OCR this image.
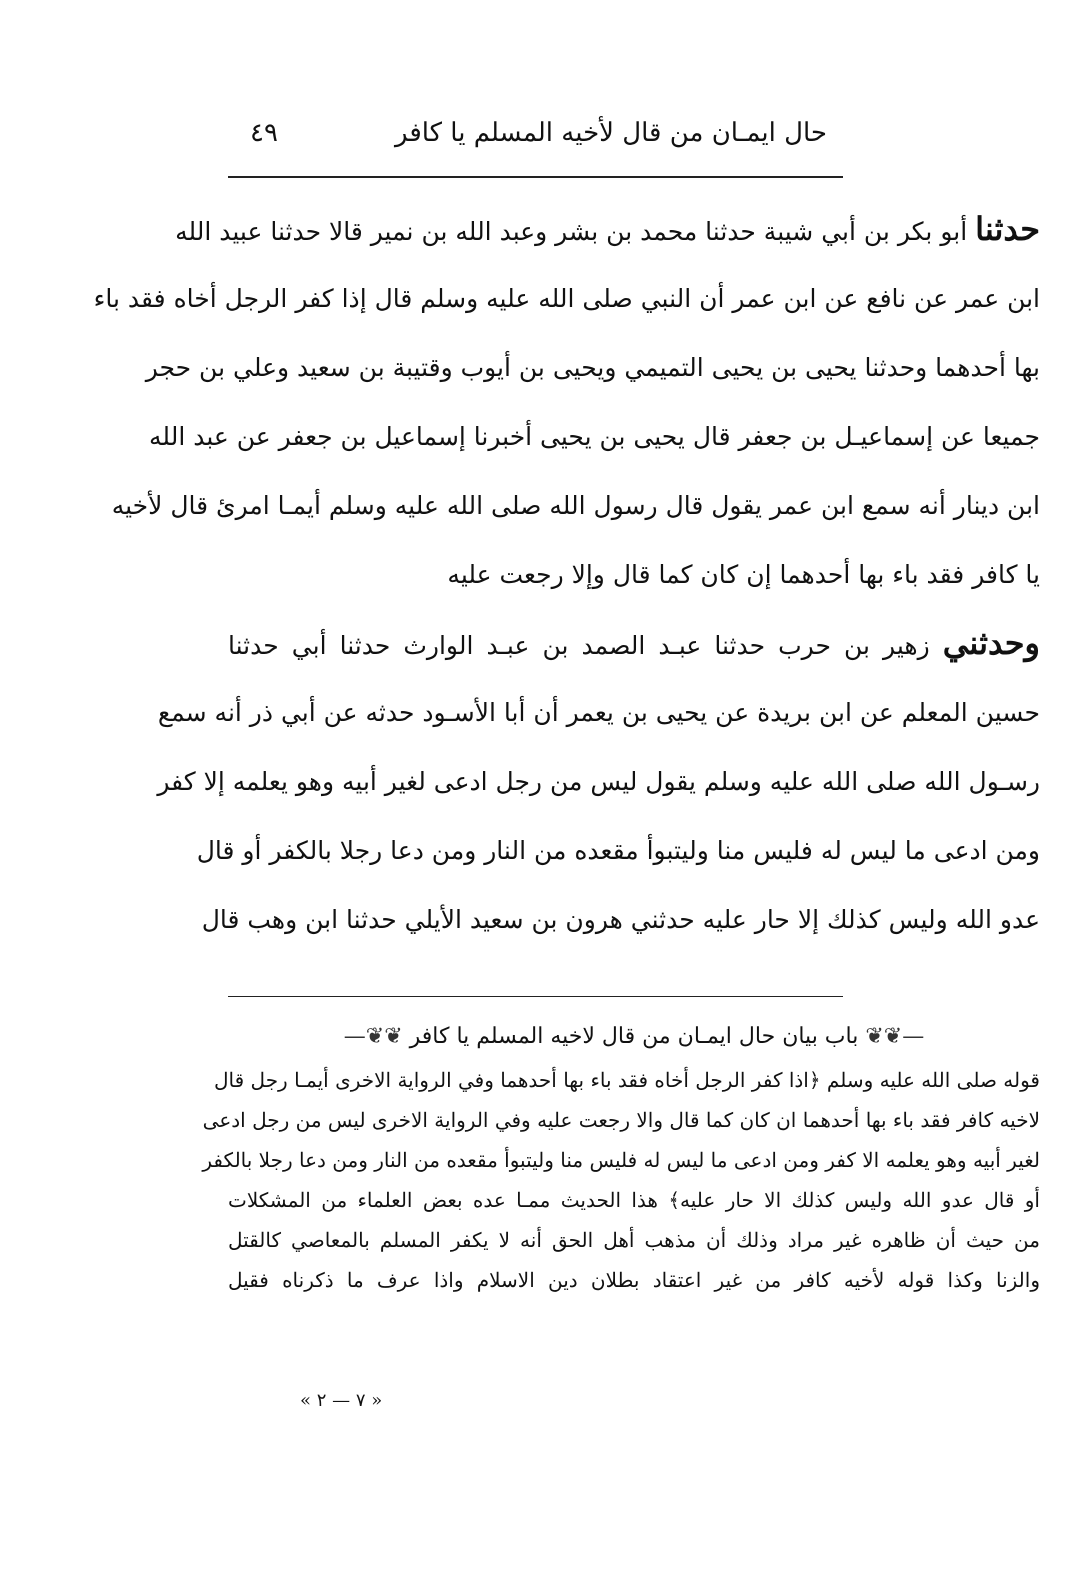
حال ايمـان من قال لأخيه المسلم يا كافر
٤٩
حدثنا أبو بكر بن أبي شيبة حدثنا محمد بن بشر وعبد الله بن نمير قالا حدثنا عبيد الله
ابن عمر عن نافع عن ابن عمر أن النبي صلى الله عليه وسلم قال إذا كفر الرجل أخاه فقد باء
بها أحدهما وحدثنا يحيى بن يحيى التميمي ويحيى بن أيوب وقتيبة بن سعيد وعلي بن حجر
جميعا عن إسماعيـل بن جعفر قال يحيى بن يحيى أخبرنا إسماعيل بن جعفر عن عبد الله
ابن دينار أنه سمع ابن عمر يقول قال رسول الله صلى الله عليه وسلم أيمـا امرئ قال لأخيه
يا كافر فقد باء بها أحدهما إن كان كما قال وإلا رجعت عليه
وحدثني زهير بن حرب حدثنا عبـد الصمد بن عبـد الوارث حدثنا أبي حدثنا
حسين المعلم عن ابن بريدة عن يحيى بن يعمر أن أبا الأسـود حدثه عن أبي ذر أنه سمع
رسـول الله صلى الله عليه وسلم يقول ليس من رجل ادعى لغير أبيه وهو يعلمه إلا كفر
ومن ادعى ما ليس له فليس منا وليتبوأ مقعده من النار ومن دعا رجلا بالكفر أو قال
عدو الله وليس كذلك إلا حار عليه حدثني هرون بن سعيد الأيلي حدثنا ابن وهب قال
—❦❦ باب بيان حال ايمـان من قال لاخيه المسلم يا كافر ❦❦—
قوله صلى الله عليه وسلم ﴿اذا كفر الرجل أخاه فقد باء بها أحدهما وفي الرواية الاخرى أيمـا رجل قال
لاخيه كافر فقد باء بها أحدهما ان كان كما قال والا رجعت عليه وفي الرواية الاخرى ليس من رجل ادعى
لغير أبيه وهو يعلمه الا كفر ومن ادعى ما ليس له فليس منا وليتبوأ مقعده من النار ومن دعا رجلا بالكفر
أو قال عدو الله وليس كذلك الا حار عليه﴾ هذا الحديث ممـا عده بعض العلماء من المشكلات
من حيث أن ظاهره غير مراد وذلك أن مذهب أهل الحق أنه لا يكفر المسلم بالمعاصي كالقتل
والزنا وكذا قوله لأخيه كافر من غير اعتقاد بطلان دين الاسلام واذا عرف ما ذكرناه فقيل
« ٧ — ٢ »
